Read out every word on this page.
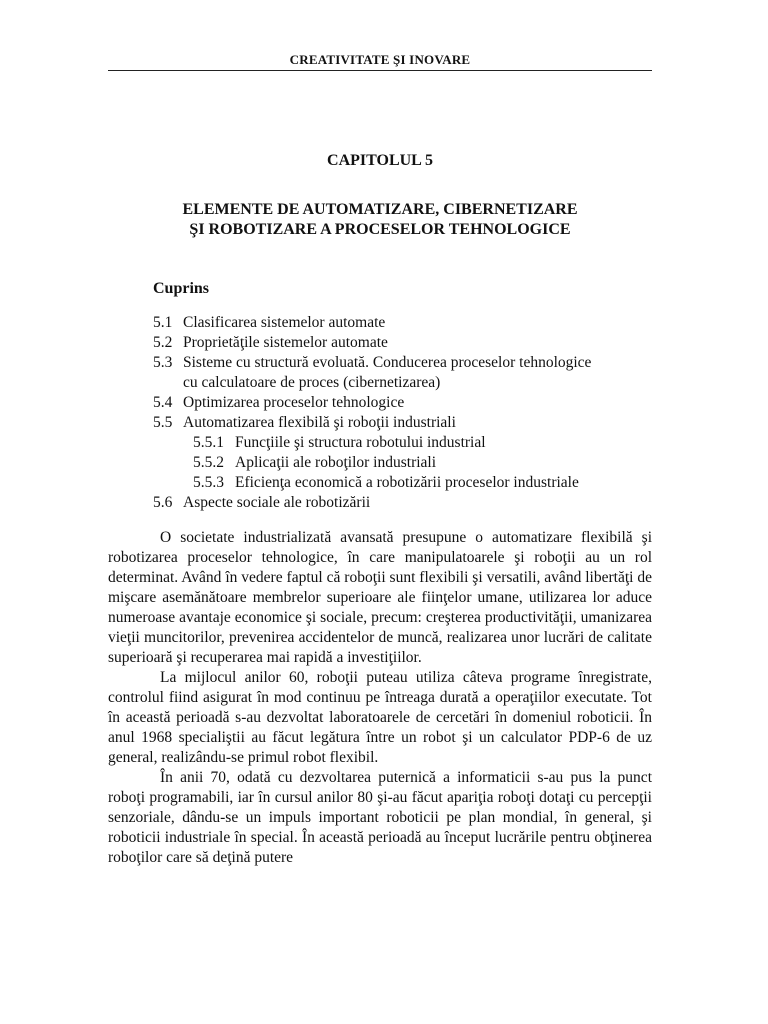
CREATIVITATE ŞI INOVARE
CAPITOLUL 5
ELEMENTE DE AUTOMATIZARE, CIBERNETIZARE
ŞI ROBOTIZARE A PROCESELOR TEHNOLOGICE
Cuprins
5.1 Clasificarea sistemelor automate
5.2 Proprietăţile sistemelor automate
5.3 Sisteme cu structură evoluată. Conducerea proceselor tehnologice
cu calculatoare de proces (cibernetizarea)
5.4 Optimizarea proceselor tehnologice
5.5 Automatizarea flexibilă şi roboţii industriali
5.5.1 Funcţiile şi structura robotului industrial
5.5.2 Aplicaţii ale roboţilor industriali
5.5.3 Eficienţa economică a robotizării proceselor industriale
5.6 Aspecte sociale ale robotizării

O societate industrializată avansată presupune o automatizare flexibilă şi robotizarea proceselor tehnologice, în care manipulatoarele şi roboţii au un rol determinat. Având în vedere faptul că roboţii sunt flexibili şi versatili, având libertăţi de mişcare asemănătoare membrelor superioare ale fiinţelor umane, utilizarea lor aduce numeroase avantaje economice şi sociale, precum: creşterea productivităţii, umanizarea vieţii muncitorilor, prevenirea accidentelor de muncă, realizarea unor lucrări de calitate superioară şi recuperarea mai rapidă a investiţiilor.

La mijlocul anilor 60, roboţii puteau utiliza câteva programe înregistrate, controlul fiind asigurat în mod continuu pe întreaga durată a operaţiilor executate. Tot în această perioadă s-au dezvoltat laboratoarele de cercetări în domeniul roboticii. În anul 1968 specialiştii au făcut legătura între un robot şi un calculator PDP-6 de uz general, realizându-se primul robot flexibil.

În anii 70, odată cu dezvoltarea puternică a informaticii s-au pus la punct roboţi programabili, iar în cursul anilor 80 şi-au făcut apariţia roboţi dotaţi cu percepţii senzoriale, dându-se un impuls important roboticii pe plan mondial, în general, şi roboticii industriale în special. În această perioadă au început lucrările pentru obţinerea roboţilor care să deţină putere
